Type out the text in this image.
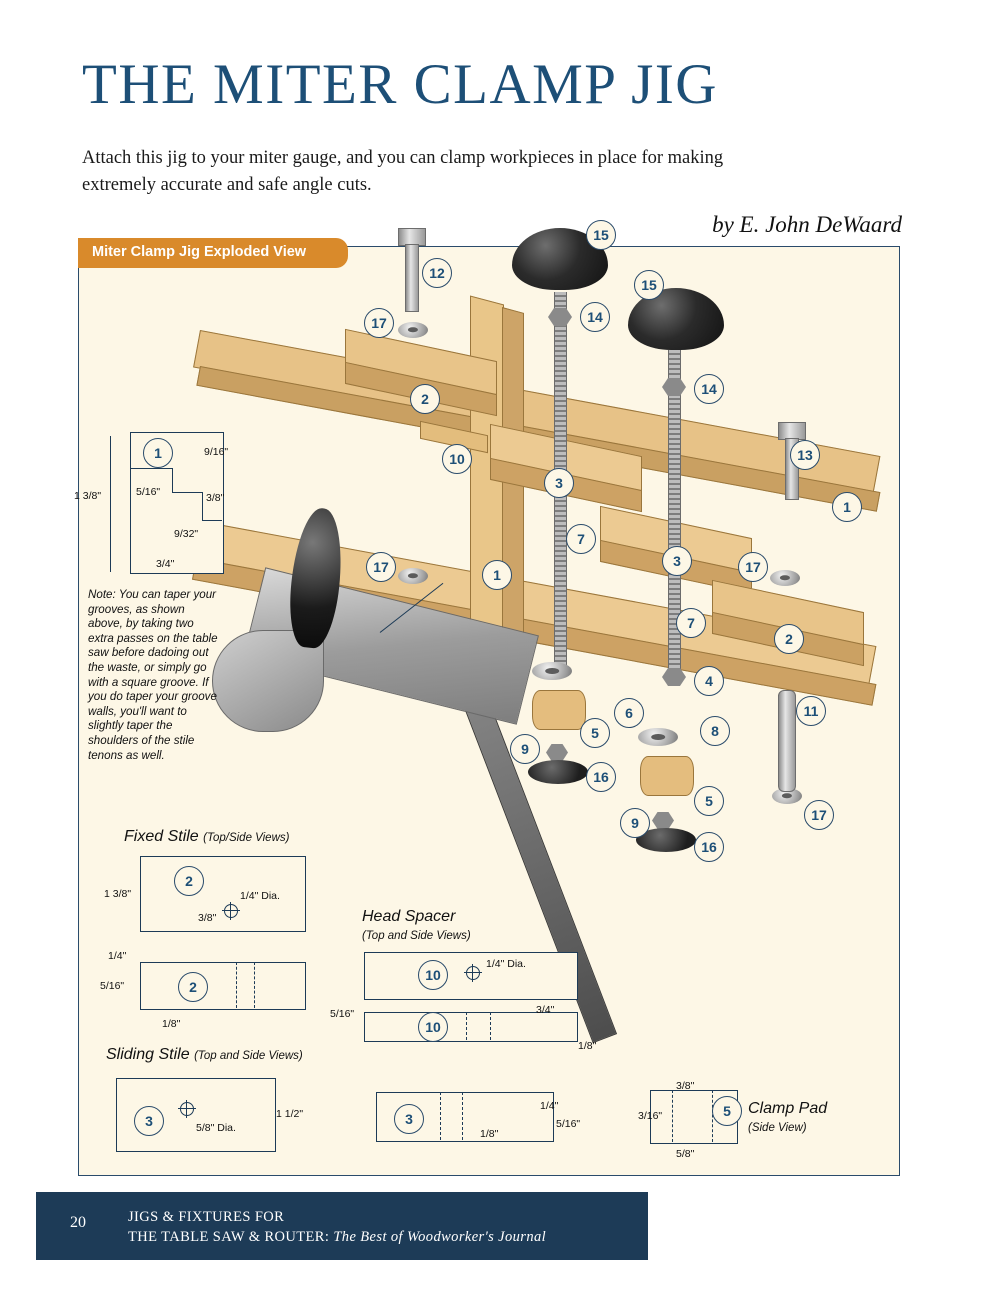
THE MITER CLAMP JIG
Attach this jig to your miter gauge, and you can clamp workpieces in place for making extremely accurate and safe angle cuts.
by E. John DeWaard
Miter Clamp Jig Exploded View
15
15
12
17	14
2
14
10
3
13
1
7
3	17
17	1
7
2
4
6
8
5
9
16
5
9
16
11
17
1
1 3/8"
9/16"
5/16"	3/8"
9/32"
3/4"
Note: You can taper your grooves, as shown above, by taking two extra passes on the table saw before dadoing out the waste, or simply go with a square groove. If you do taper your groove walls, you'll want to slightly taper the shoulders of the stile tenons as well.
Fixed Stile (Top/Side Views)
2
1 3/8"
3/8"
1/4" Dia.
2
1/4"
5/16"
1/8"
Head Spacer
(Top and Side Views)
10
1/4" Dia.
10
5/16"	3/4"
1/8"
Sliding Stile (Top and Side Views)
3	1 1/2"
5/8" Dia.
3
1/4"
5/16"
1/8"
Clamp Pad
(Side View)
5
3/8"
3/16"
5/8"
20	JIGS & FIXTURES FOR
THE TABLE SAW & ROUTER: The Best of Woodworker's Journal
